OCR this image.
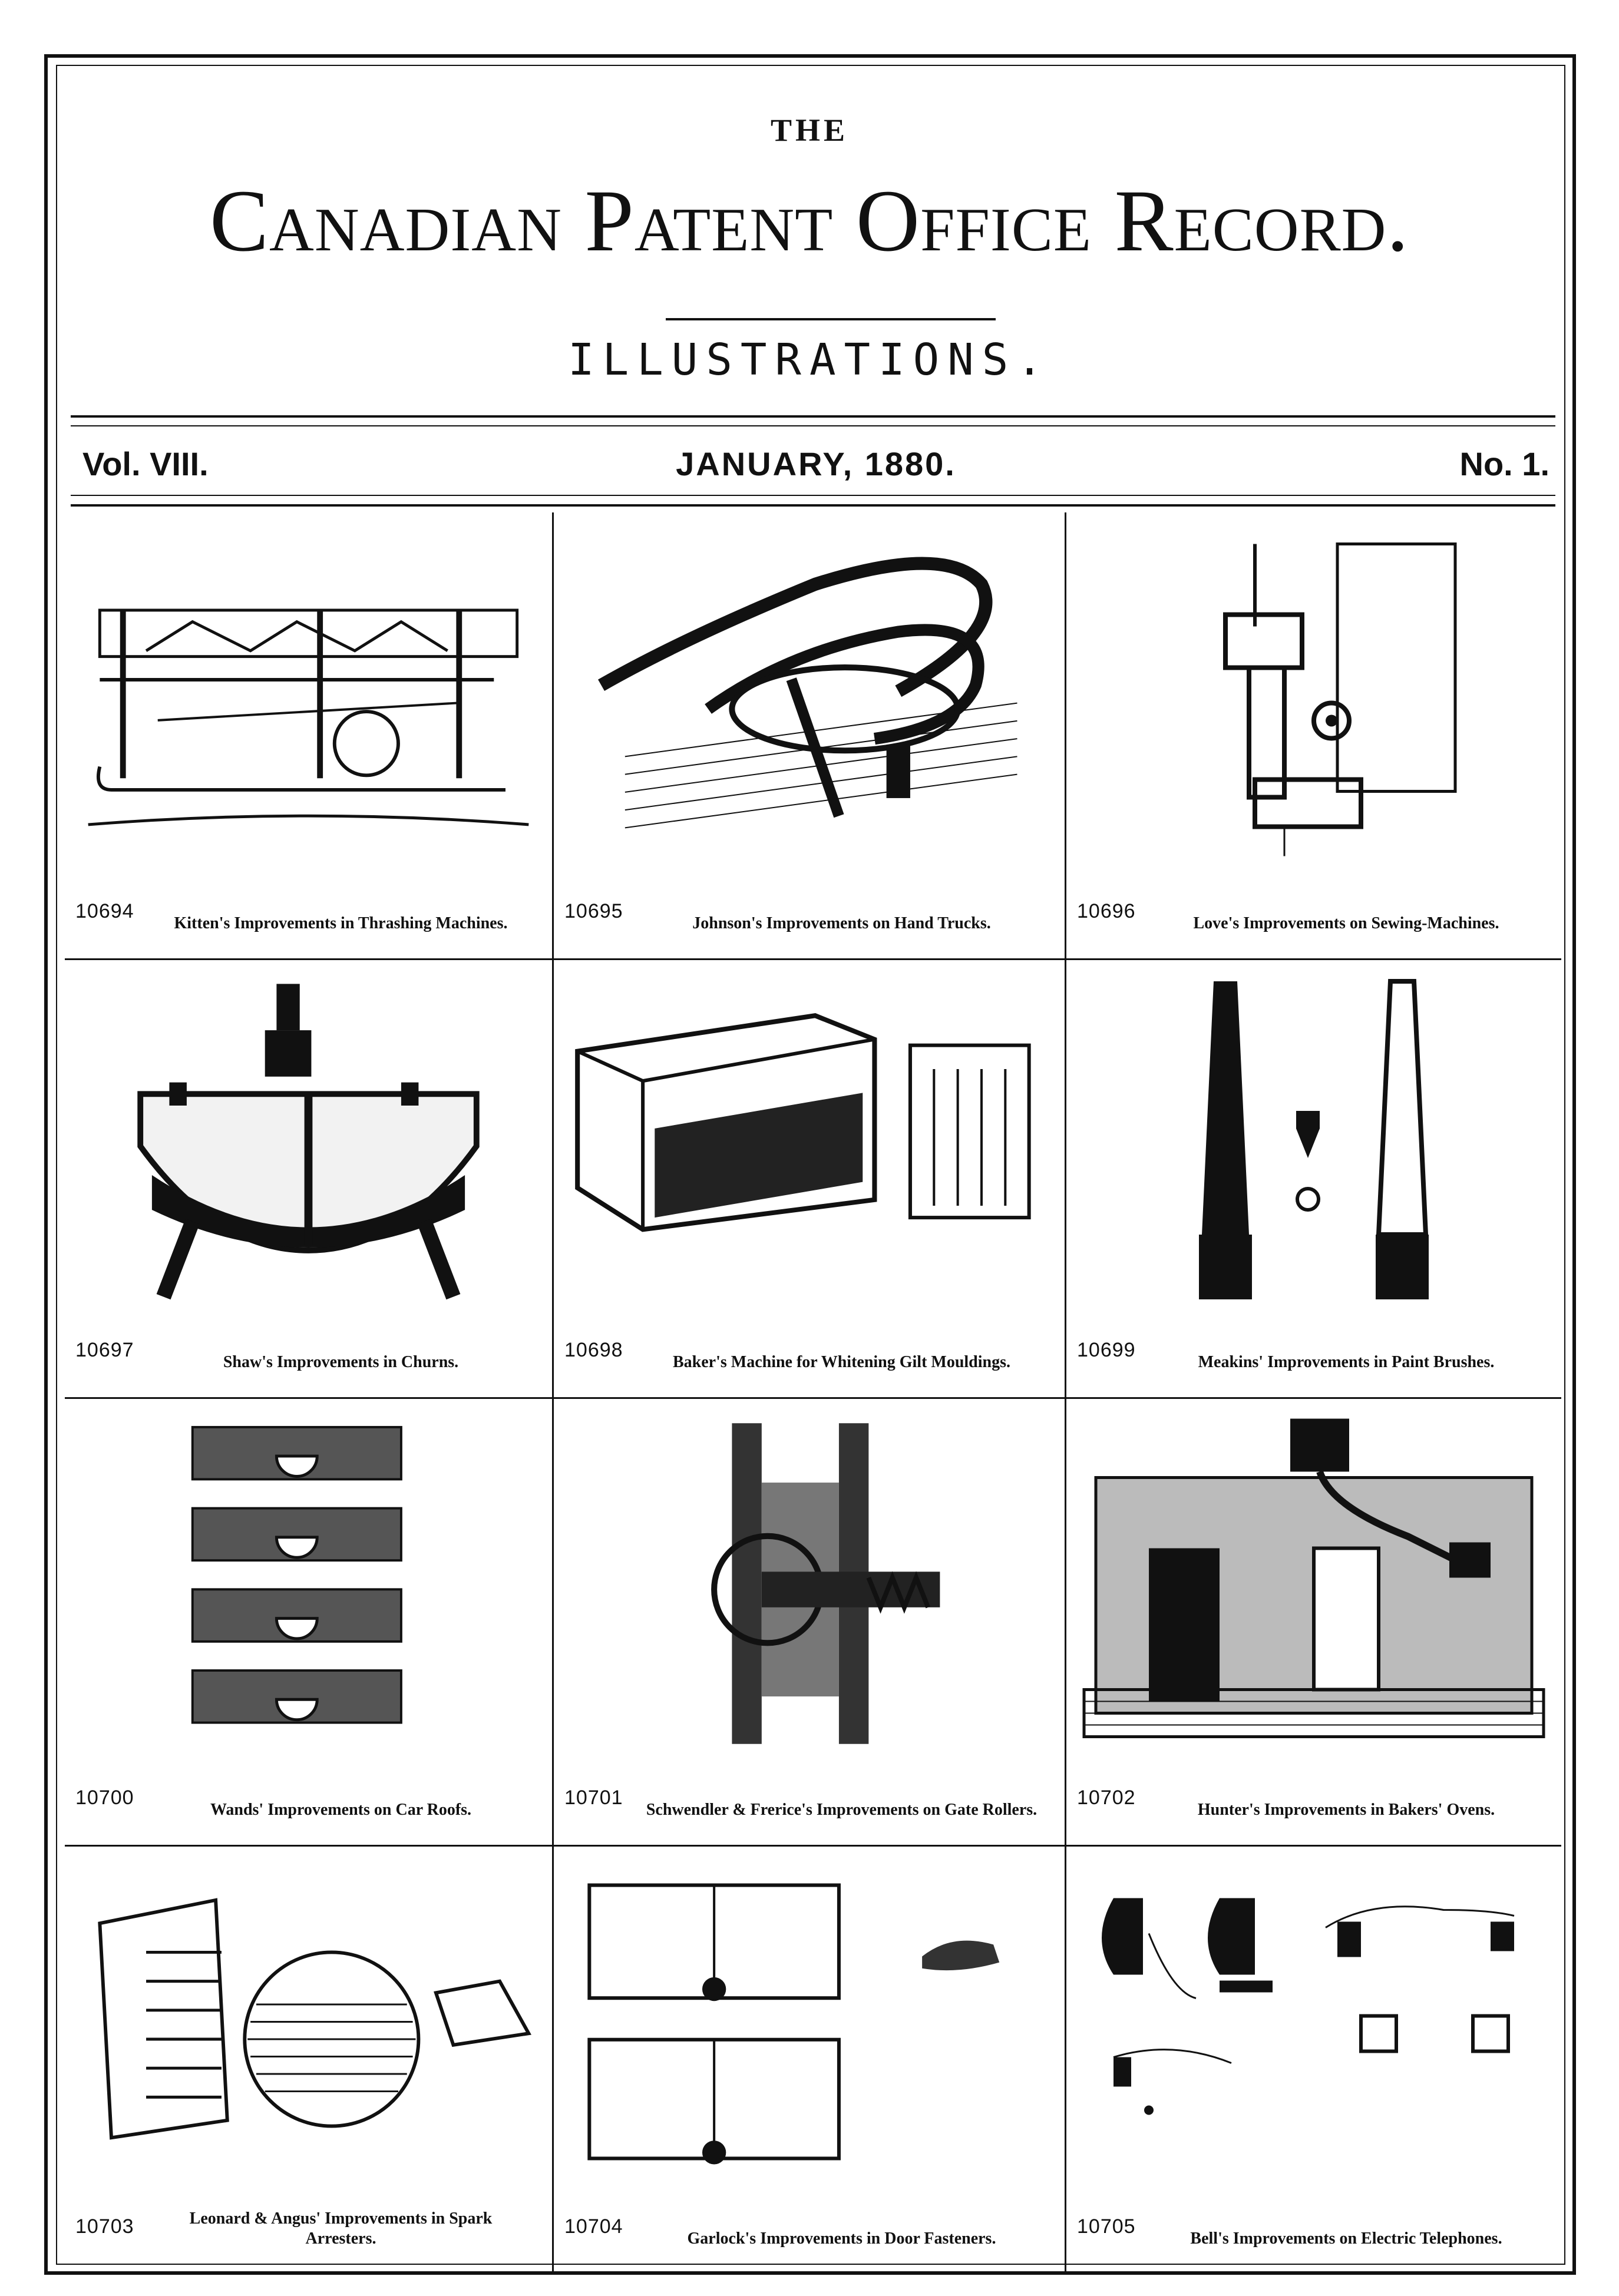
THE
Canadian Patent Office Record.
ILLUSTRATIONS.
Vol. VIII.	JANUARY, 1880.	No. 1.
10694
Kitten's Improvements in Thrashing Machines.
10695
Johnson's Improvements on Hand Trucks.
10696
Love's Improvements on Sewing-Machines.
10697
Shaw's Improvements in Churns.
10698
Baker's Machine for Whitening Gilt Mouldings.
10699
Meakins' Improvements in Paint Brushes.
10700
Wands' Improvements on Car Roofs.
10701
Schwendler & Frerice's Improvements on Gate Rollers.
10702
Hunter's Improvements in Bakers' Ovens.
10703	Leonard & Angus' Improvements in Spark Arresters.
10704
Garlock's Improvements in Door Fasteners.
10705
Bell's Improvements on Electric Telephones.
